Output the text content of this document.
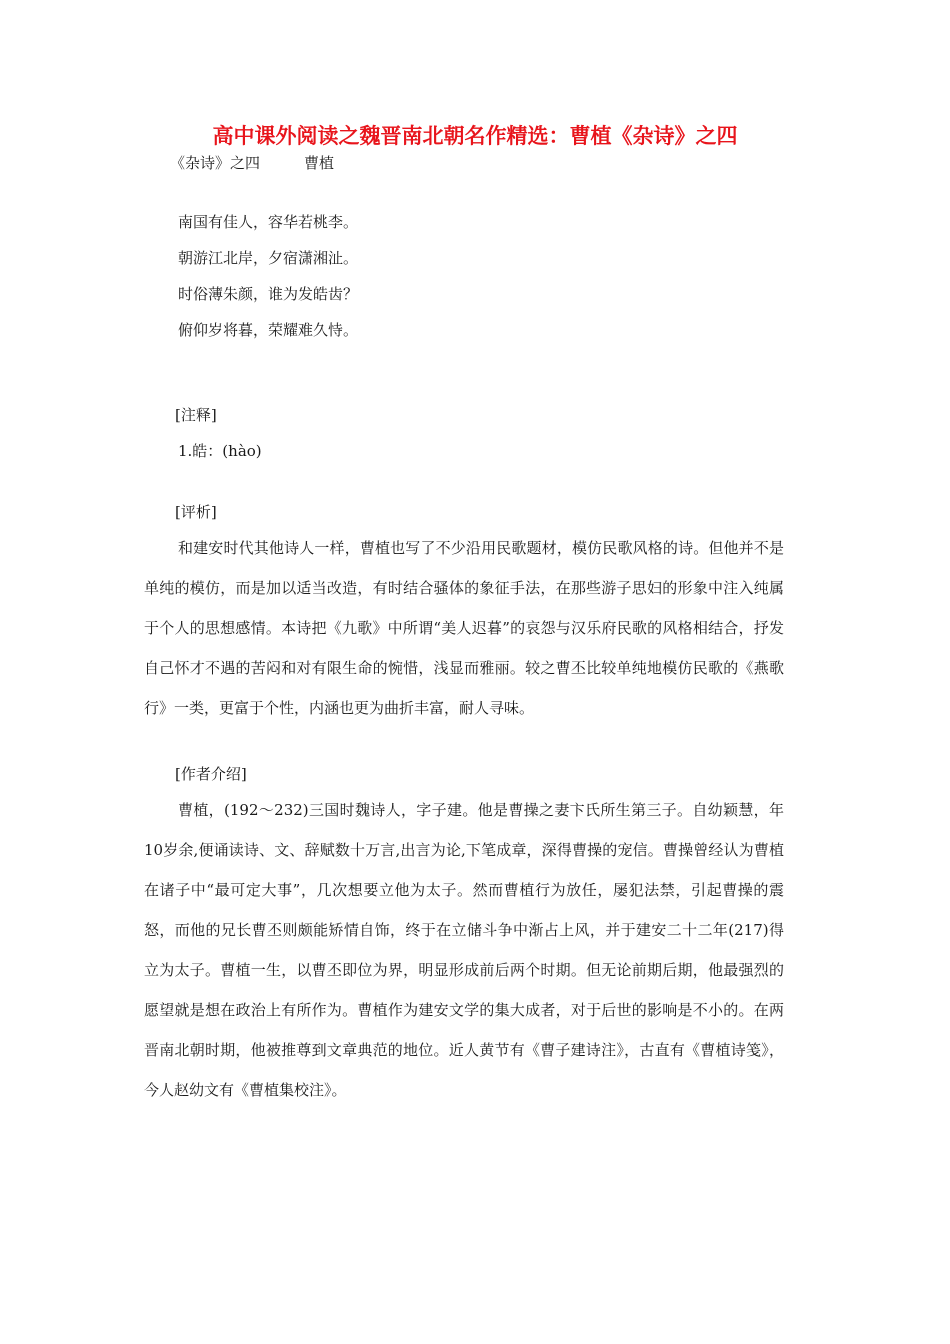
高中课外阅读之魏晋南北朝名作精选：曹植《杂诗》之四
《杂诗》之四	曹植
南国有佳人，容华若桃李。
朝游江北岸，夕宿潇湘沚。
时俗薄朱颜，谁为发皓齿？
俯仰岁将暮，荣耀难久恃。
[注释]
1.皓：(hào)
[评析]

和建安时代其他诗人一样，曹植也写了不少沿用民歌题材，模仿民歌风格的诗。但他并不是单纯的模仿，而是加以适当改造，有时结合骚体的象征手法，在那些游子思妇的形象中注入纯属于个人的思想感情。本诗把《九歌》中所谓“美人迟暮”的哀怨与汉乐府民歌的风格相结合，抒发自己怀才不遇的苦闷和对有限生命的惋惜，浅显而雅丽。较之曹丕比较单纯地模仿民歌的《燕歌行》一类，更富于个性，内涵也更为曲折丰富，耐人寻味。

[作者介绍]

曹植，(192～232)三国时魏诗人，字子建。他是曹操之妻卞氏所生第三子。自幼颖慧，年10岁余,便诵读诗、文、辞赋数十万言,出言为论,下笔成章，深得曹操的宠信。曹操曾经认为曹植在诸子中“最可定大事”，几次想要立他为太子。然而曹植行为放任，屡犯法禁，引起曹操的震怒，而他的兄长曹丕则颇能矫情自饰，终于在立储斗争中渐占上风，并于建安二十二年(217)得立为太子。曹植一生，以曹丕即位为界，明显形成前后两个时期。但无论前期后期，他最强烈的愿望就是想在政治上有所作为。曹植作为建安文学的集大成者，对于后世的影响是不小的。在两晋南北朝时期，他被推尊到文章典范的地位。近人黄节有《曹子建诗注》，古直有《曹植诗笺》，今人赵幼文有《曹植集校注》。
